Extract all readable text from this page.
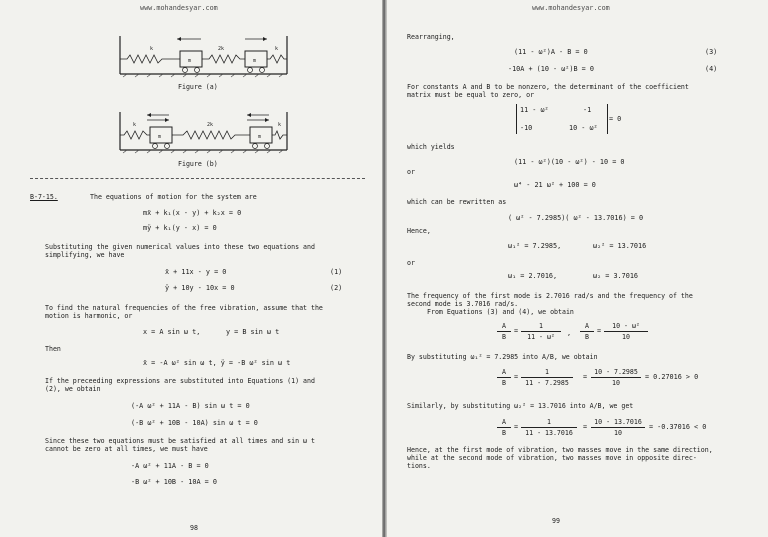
www.mohandesyar.com
k	2k	k
m	m
Figure (a)
k	2k	k
m	m
Figure (b)
B-7-15.	The equations of motion for the system are
mẍ + k₁(x - y) + k₂x = 0
mÿ + k₁(y - x) = 0
Substituting the given numerical values into these two equations and
simplifying, we have
ẍ + 11x - y = 0	(1)
ÿ + 10y - 10x = 0	(2)
To find the natural frequencies of the free vibration, assume that the
motion is harmonic, or
x = A sin ω t,	y = B sin ω t
Then
ẍ = -A ω² sin ω t, ÿ = -B ω² sin ω t
If the preceeding expressions are substituted into Equations (1) and
(2), we obtain
(-A ω² + 11A - B) sin ω t = 0
(-B ω² + 10B - 10A) sin ω t = 0
Since these two equations must be satisfied at all times and sin ω t
cannot be zero at all times, we must have
-A ω² + 11A - B = 0
-B ω² + 10B - 10A = 0
98
www.mohandesyar.com
Rearranging,
(11 - ω²)A - B = 0	(3)
-10A + (10 - ω²)B = 0	(4)
For constants A and B to be nonzero, the determinant of the coefficient
matrix must be equal to zero, or
11 - ω²	-1
-10	10 - ω²
= 0
which yields
(11 - ω²)(10 - ω²) - 10 = 0
or
ω⁴ - 21 ω² + 100 = 0
which can be rewritten as
( ω² - 7.2985)( ω² - 13.7016) = 0
Hence,
ω₁² = 7.2985,	ω₂² = 13.7016
or
ω₁ = 2.7016,	ω₂ = 3.7016
The frequency of the first mode is 2.7016 rad/s and the frequency of the
second mode is 3.7016 rad/s.
From Equations (3) and (4), we obtain
A
B
=
1
11 - ω²	,
A
B
=
10 - ω²
10
By substituting ω₁² = 7.2985 into A/B, we obtain
A
B
=
1
11 - 7.2985
=
10 - 7.2985
10
= 0.27016 > 0
Similarly, by substituting ω₂² = 13.7016 into A/B, we get
A
B
=
1
11 - 13.7016
=
10 - 13.7016
10
= -0.37016 < 0
Hence, at the first mode of vibration, two masses move in the same direction,
while at the second mode of vibration, two masses move in opposite direc-
tions.
99
